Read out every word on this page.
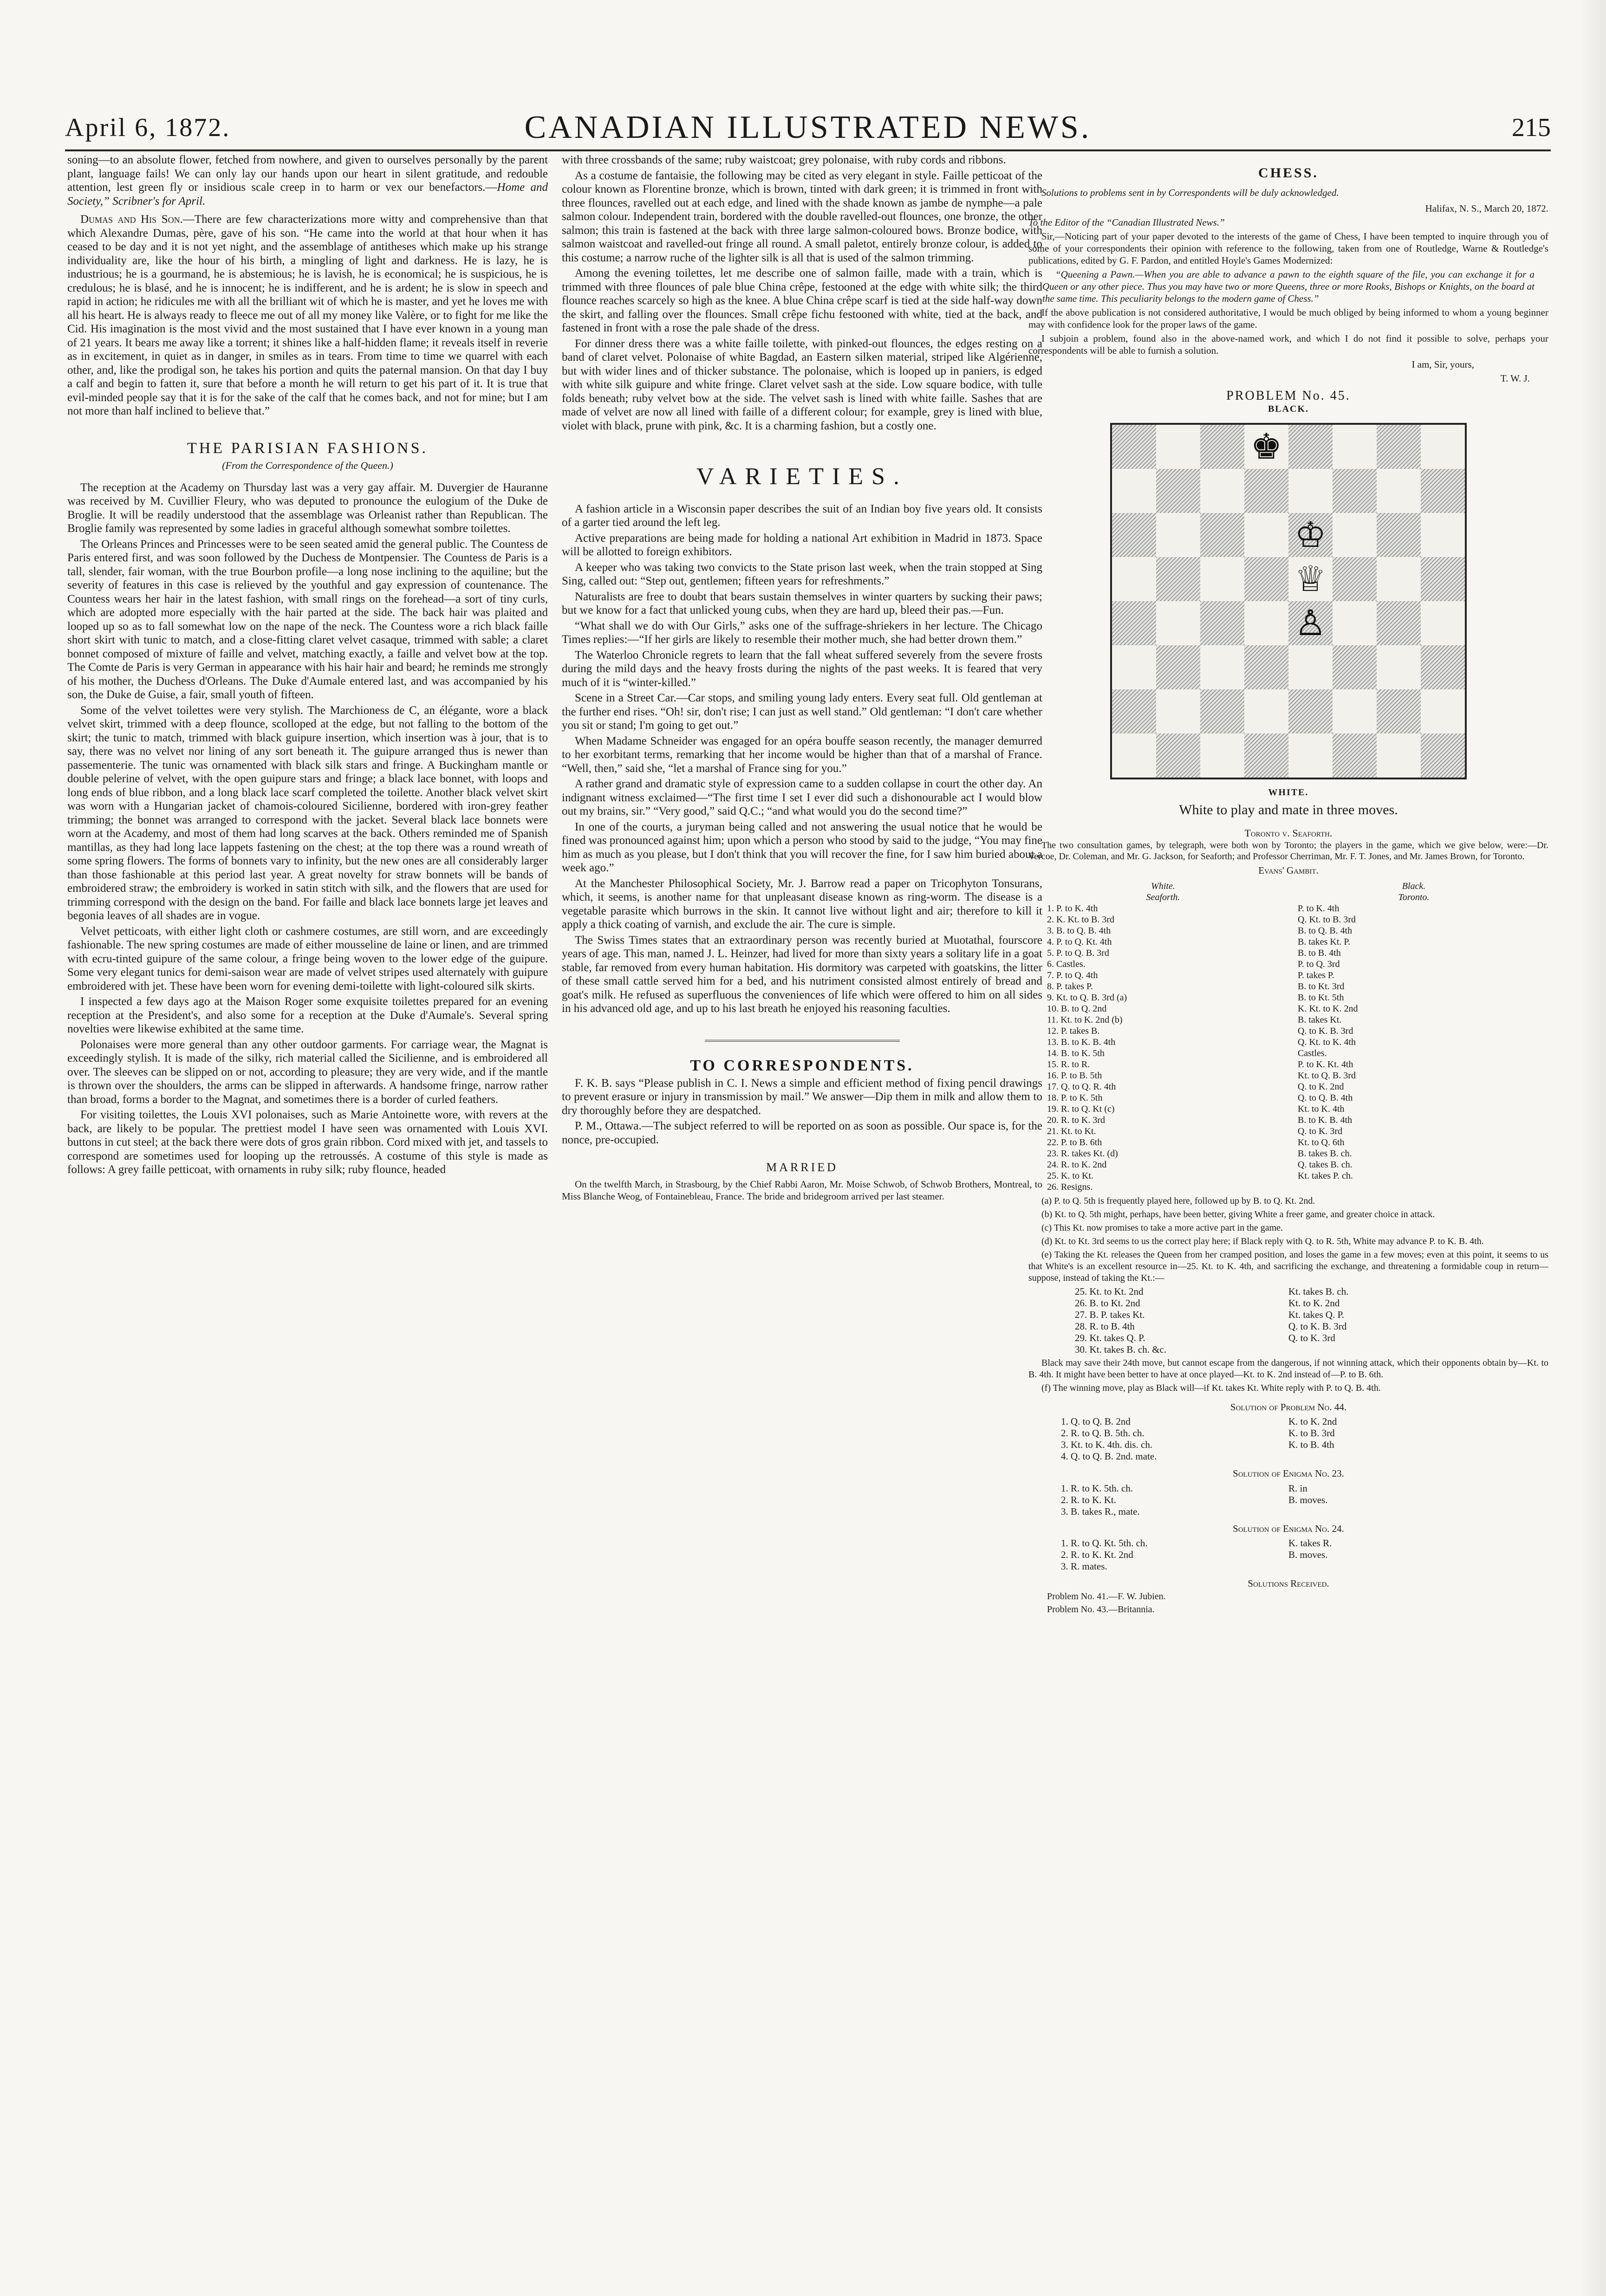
April 6, 1872.	CANADIAN ILLUSTRATED NEWS.	215

soning—to an absolute flower, fetched from nowhere, and given to ourselves personally by the parent plant, language fails! We can only lay our hands upon our heart in silent gratitude, and redouble attention, lest green fly or insidious scale creep in to harm or vex our benefactors.—Home and Society,” Scribner's for April.

Dumas and His Son.—There are few characterizations more witty and comprehensive than that which Alexandre Dumas, père, gave of his son. “He came into the world at that hour when it has ceased to be day and it is not yet night, and the assemblage of antitheses which make up his strange individuality are, like the hour of his birth, a mingling of light and darkness. He is lazy, he is industrious; he is a gourmand, he is abstemious; he is lavish, he is economical; he is suspicious, he is credulous; he is blasé, and he is innocent; he is indifferent, and he is ardent; he is slow in speech and rapid in action; he ridicules me with all the brilliant wit of which he is master, and yet he loves me with all his heart. He is always ready to fleece me out of all my money like Valère, or to fight for me like the Cid. His imagination is the most vivid and the most sustained that I have ever known in a young man of 21 years. It bears me away like a torrent; it shines like a half-hidden flame; it reveals itself in reverie as in excitement, in quiet as in danger, in smiles as in tears. From time to time we quarrel with each other, and, like the prodigal son, he takes his portion and quits the paternal mansion. On that day I buy a calf and begin to fatten it, sure that before a month he will return to get his part of it. It is true that evil-minded people say that it is for the sake of the calf that he comes back, and not for mine; but I am not more than half inclined to believe that.”

THE PARISIAN FASHIONS.
(From the Correspondence of the Queen.)

The reception at the Academy on Thursday last was a very gay affair. M. Duvergier de Hauranne was received by M. Cuvillier Fleury, who was deputed to pronounce the eulogium of the Duke de Broglie. It will be readily understood that the assemblage was Orleanist rather than Republican. The Broglie family was represented by some ladies in graceful although somewhat sombre toilettes.

The Orleans Princes and Princesses were to be seen seated amid the general public. The Countess de Paris entered first, and was soon followed by the Duchess de Montpensier. The Countess de Paris is a tall, slender, fair woman, with the true Bourbon profile—a long nose inclining to the aquiline; but the severity of features in this case is relieved by the youthful and gay expression of countenance. The Countess wears her hair in the latest fashion, with small rings on the forehead—a sort of tiny curls, which are adopted more especially with the hair parted at the side. The back hair was plaited and looped up so as to fall somewhat low on the nape of the neck. The Countess wore a rich black faille short skirt with tunic to match, and a close-fitting claret velvet casaque, trimmed with sable; a claret bonnet composed of mixture of faille and velvet, matching exactly, a faille and velvet bow at the top. The Comte de Paris is very German in appearance with his hair hair and beard; he reminds me strongly of his mother, the Duchess d'Orleans. The Duke d'Aumale entered last, and was accompanied by his son, the Duke de Guise, a fair, small youth of fifteen.

Some of the velvet toilettes were very stylish. The Marchioness de C, an élégante, wore a black velvet skirt, trimmed with a deep flounce, scolloped at the edge, but not falling to the bottom of the skirt; the tunic to match, trimmed with black guipure insertion, which insertion was à jour, that is to say, there was no velvet nor lining of any sort beneath it. The guipure arranged thus is newer than passementerie. The tunic was ornamented with black silk stars and fringe. A Buckingham mantle or double pelerine of velvet, with the open guipure stars and fringe; a black lace bonnet, with loops and long ends of blue ribbon, and a long black lace scarf completed the toilette. Another black velvet skirt was worn with a Hungarian jacket of chamois-coloured Sicilienne, bordered with iron-grey feather trimming; the bonnet was arranged to correspond with the jacket. Several black lace bonnets were worn at the Academy, and most of them had long scarves at the back. Others reminded me of Spanish mantillas, as they had long lace lappets fastening on the chest; at the top there was a round wreath of some spring flowers. The forms of bonnets vary to infinity, but the new ones are all considerably larger than those fashionable at this period last year. A great novelty for straw bonnets will be bands of embroidered straw; the embroidery is worked in satin stitch with silk, and the flowers that are used for trimming correspond with the design on the band. For faille and black lace bonnets large jet leaves and begonia leaves of all shades are in vogue.

Velvet petticoats, with either light cloth or cashmere costumes, are still worn, and are exceedingly fashionable. The new spring costumes are made of either mousseline de laine or linen, and are trimmed with ecru-tinted guipure of the same colour, a fringe being woven to the lower edge of the guipure. Some very elegant tunics for demi-saison wear are made of velvet stripes used alternately with guipure embroidered with jet. These have been worn for evening demi-toilette with light-coloured silk skirts.

I inspected a few days ago at the Maison Roger some exquisite toilettes prepared for an evening reception at the President's, and also some for a reception at the Duke d'Aumale's. Several spring novelties were likewise exhibited at the same time.

Polonaises were more general than any other outdoor garments. For carriage wear, the Magnat is exceedingly stylish. It is made of the silky, rich material called the Sicilienne, and is embroidered all over. The sleeves can be slipped on or not, according to pleasure; they are very wide, and if the mantle is thrown over the shoulders, the arms can be slipped in afterwards. A handsome fringe, narrow rather than broad, forms a border to the Magnat, and sometimes there is a border of curled feathers.

For visiting toilettes, the Louis XVI polonaises, such as Marie Antoinette wore, with revers at the back, are likely to be popular. The prettiest model I have seen was ornamented with Louis XVI. buttons in cut steel; at the back there were dots of gros grain ribbon. Cord mixed with jet, and tassels to correspond are sometimes used for looping up the retroussés. A costume of this style is made as follows: A grey faille petticoat, with ornaments in ruby silk; ruby flounce, headed

with three crossbands of the same; ruby waistcoat; grey polonaise, with ruby cords and ribbons.

As a costume de fantaisie, the following may be cited as very elegant in style. Faille petticoat of the colour known as Florentine bronze, which is brown, tinted with dark green; it is trimmed in front with three flounces, ravelled out at each edge, and lined with the shade known as jambe de nymphe—a pale salmon colour. Independent train, bordered with the double ravelled-out flounces, one bronze, the other salmon; this train is fastened at the back with three large salmon-coloured bows. Bronze bodice, with salmon waistcoat and ravelled-out fringe all round. A small paletot, entirely bronze colour, is added to this costume; a narrow ruche of the lighter silk is all that is used of the salmon trimming.

Among the evening toilettes, let me describe one of salmon faille, made with a train, which is trimmed with three flounces of pale blue China crêpe, festooned at the edge with white silk; the third flounce reaches scarcely so high as the knee. A blue China crêpe scarf is tied at the side half-way down the skirt, and falling over the flounces. Small crêpe fichu festooned with white, tied at the back, and fastened in front with a rose the pale shade of the dress.

For dinner dress there was a white faille toilette, with pinked-out flounces, the edges resting on a band of claret velvet. Polonaise of white Bagdad, an Eastern silken material, striped like Algérienne, but with wider lines and of thicker substance. The polonaise, which is looped up in paniers, is edged with white silk guipure and white fringe. Claret velvet sash at the side. Low square bodice, with tulle folds beneath; ruby velvet bow at the side. The velvet sash is lined with white faille. Sashes that are made of velvet are now all lined with faille of a different colour; for example, grey is lined with blue, violet with black, prune with pink, &c. It is a charming fashion, but a costly one.

VARIETIES.

A fashion article in a Wisconsin paper describes the suit of an Indian boy five years old. It consists of a garter tied around the left leg.

Active preparations are being made for holding a national Art exhibition in Madrid in 1873. Space will be allotted to foreign exhibitors.

A keeper who was taking two convicts to the State prison last week, when the train stopped at Sing Sing, called out: “Step out, gentlemen; fifteen years for refreshments.”

Naturalists are free to doubt that bears sustain themselves in winter quarters by sucking their paws; but we know for a fact that unlicked young cubs, when they are hard up, bleed their pas.—Fun.

“What shall we do with Our Girls,” asks one of the suffrage-shriekers in her lecture. The Chicago Times replies:—“If her girls are likely to resemble their mother much, she had better drown them.”

The Waterloo Chronicle regrets to learn that the fall wheat suffered severely from the severe frosts during the mild days and the heavy frosts during the nights of the past weeks. It is feared that very much of it is “winter-killed.”

Scene in a Street Car.—Car stops, and smiling young lady enters. Every seat full. Old gentleman at the further end rises. “Oh! sir, don't rise; I can just as well stand.” Old gentleman: “I don't care whether you sit or stand; I'm going to get out.”

When Madame Schneider was engaged for an opéra bouffe season recently, the manager demurred to her exorbitant terms, remarking that her income would be higher than that of a marshal of France. “Well, then,” said she, “let a marshal of France sing for you.”

A rather grand and dramatic style of expression came to a sudden collapse in court the other day. An indignant witness exclaimed—“The first time I set I ever did such a dishonourable act I would blow out my brains, sir.” “Very good,” said Q.C.; “and what would you do the second time?”

In one of the courts, a juryman being called and not answering the usual notice that he would be fined was pronounced against him; upon which a person who stood by said to the judge, “You may fine him as much as you please, but I don't think that you will recover the fine, for I saw him buried about a week ago.”

At the Manchester Philosophical Society, Mr. J. Barrow read a paper on Tricophyton Tonsurans, which, it seems, is another name for that unpleasant disease known as ring-worm. The disease is a vegetable parasite which burrows in the skin. It cannot live without light and air; therefore to kill it apply a thick coating of varnish, and exclude the air. The cure is simple.

The Swiss Times states that an extraordinary person was recently buried at Muotathal, fourscore years of age. This man, named J. L. Heinzer, had lived for more than sixty years a solitary life in a goat stable, far removed from every human habitation. His dormitory was carpeted with goatskins, the litter of these small cattle served him for a bed, and his nutriment consisted almost entirely of bread and goat's milk. He refused as superfluous the conveniences of life which were offered to him on all sides in his advanced old age, and up to his last breath he enjoyed his reasoning faculties.

TO CORRESPONDENTS.

F. K. B. says “Please publish in C. I. News a simple and efficient method of fixing pencil drawings to prevent erasure or injury in transmission by mail.” We answer—Dip them in milk and allow them to dry thoroughly before they are despatched.

P. M., Ottawa.—The subject referred to will be reported on as soon as possible. Our space is, for the nonce, pre-occupied.

MARRIED

On the twelfth March, in Strasbourg, by the Chief Rabbi Aaron, Mr. Moise Schwob, of Schwob Brothers, Montreal, to Miss Blanche Weog, of Fontainebleau, France. The bride and bridegroom arrived per last steamer.

CHESS.

Solutions to problems sent in by Correspondents will be duly acknowledged.

Halifax, N. S., March 20, 1872.

To the Editor of the “Canadian Illustrated News.”

Sir,—Noticing part of your paper devoted to the interests of the game of Chess, I have been tempted to inquire through you of some of your correspondents their opinion with reference to the following, taken from one of Routledge, Warne & Routledge's publications, edited by G. F. Pardon, and entitled Hoyle's Games Modernized:

“Queening a Pawn.—When you are able to advance a pawn to the eighth square of the file, you can exchange it for a Queen or any other piece. Thus you may have two or more Queens, three or more Rooks, Bishops or Knights, on the board at the same time. This peculiarity belongs to the modern game of Chess.”

If the above publication is not considered authoritative, I would be much obliged by being informed to whom a young beginner may with confidence look for the proper laws of the game.

I subjoin a problem, found also in the above-named work, and which I do not find it possible to solve, perhaps your correspondents will be able to furnish a solution.

I am, Sir, yours,

T. W. J.

PROBLEM No. 45.
BLACK.
♚
♔
♕
♙
WHITE.
White to play and mate in three moves.
Toronto v. Seaforth.

The two consultation games, by telegraph, were both won by Toronto; the players in the game, which we give below, were:—Dr. Vercoe, Dr. Coleman, and Mr. G. Jackson, for Seaforth; and Professor Cherriman, Mr. F. T. Jones, and Mr. James Brown, for Toronto.

Evans' Gambit.
White.	Black.
Seaforth.	Toronto.
1. P. to K. 4th	P. to K. 4th
2. K. Kt. to B. 3rd	Q. Kt. to B. 3rd
3. B. to Q. B. 4th	B. to Q. B. 4th
4. P. to Q. Kt. 4th	B. takes Kt. P.
5. P. to Q. B. 3rd	B. to B. 4th
6. Castles.	P. to Q. 3rd
7. P. to Q. 4th	P. takes P.
8. P. takes P.	B. to Kt. 3rd
9. Kt. to Q. B. 3rd (a)	B. to Kt. 5th
10. B. to Q. 2nd	K. Kt. to K. 2nd
11. Kt. to K. 2nd (b)	B. takes Kt.
12. P. takes B.	Q. to K. B. 3rd
13. B. to K. B. 4th	Q. Kt. to K. 4th
14. B. to K. 5th	Castles.
15. R. to R.	P. to K. Kt. 4th
16. P. to B. 5th	Kt. to Q. B. 3rd
17. Q. to Q. R. 4th	Q. to K. 2nd
18. P. to K. 5th	Q. to Q. B. 4th
19. R. to Q. Kt (c)	Kt. to K. 4th
20. R. to K. 3rd	B. to K. B. 4th
21. Kt. to Kt.	Q. to K. 3rd
22. P. to B. 6th	Kt. to Q. 6th
23. R. takes Kt. (d)	B. takes B. ch.
24. R. to K. 2nd	Q. takes B. ch.
25. K. to Kt.	Kt. takes P. ch.
26. Resigns.

(a) P. to Q. 5th is frequently played here, followed up by B. to Q. Kt. 2nd.

(b) Kt. to Q. 5th might, perhaps, have been better, giving White a freer game, and greater choice in attack.

(c) This Kt. now promises to take a more active part in the game.

(d) Kt. to Kt. 3rd seems to us the correct play here; if Black reply with Q. to R. 5th, White may advance P. to K. B. 4th.

(e) Taking the Kt. releases the Queen from her cramped position, and loses the game in a few moves; even at this point, it seems to us that White's is an excellent resource in—25. Kt. to K. 4th, and sacrificing the exchange, and threatening a formidable coup in return—suppose, instead of taking the Kt.:—

25. Kt. to Kt. 2nd	Kt. takes B. ch.
26. B. to Kt. 2nd	Kt. to K. 2nd
27. B. P. takes Kt.	Kt. takes Q. P.
28. R. to B. 4th	Q. to K. B. 3rd
29. Kt. takes Q. P.	Q. to K. 3rd
30. Kt. takes B. ch. &c.

Black may save their 24th move, but cannot escape from the dangerous, if not winning attack, which their opponents obtain by—Kt. to B. 4th. It might have been better to have at once played—Kt. to K. 2nd instead of—P. to B. 6th.

(f) The winning move, play as Black will—if Kt. takes Kt. White reply with P. to Q. B. 4th.

Solution of Problem No. 44.
1. Q. to Q. B. 2nd	K. to K. 2nd
2. R. to Q. B. 5th. ch.	K. to B. 3rd
3. Kt. to K. 4th. dis. ch.	K. to B. 4th
4. Q. to Q. B. 2nd. mate.
Solution of Enigma No. 23.
1. R. to K. 5th. ch.	R. in
2. R. to K. Kt.	B. moves.
3. B. takes R., mate.
Solution of Enigma No. 24.
1. R. to Q. Kt. 5th. ch.	K. takes R.
2. R. to K. Kt. 2nd	B. moves.
3. R. mates.
Solutions Received.

Problem No. 41.—F. W. Jubien.

Problem No. 43.—Britannia.
